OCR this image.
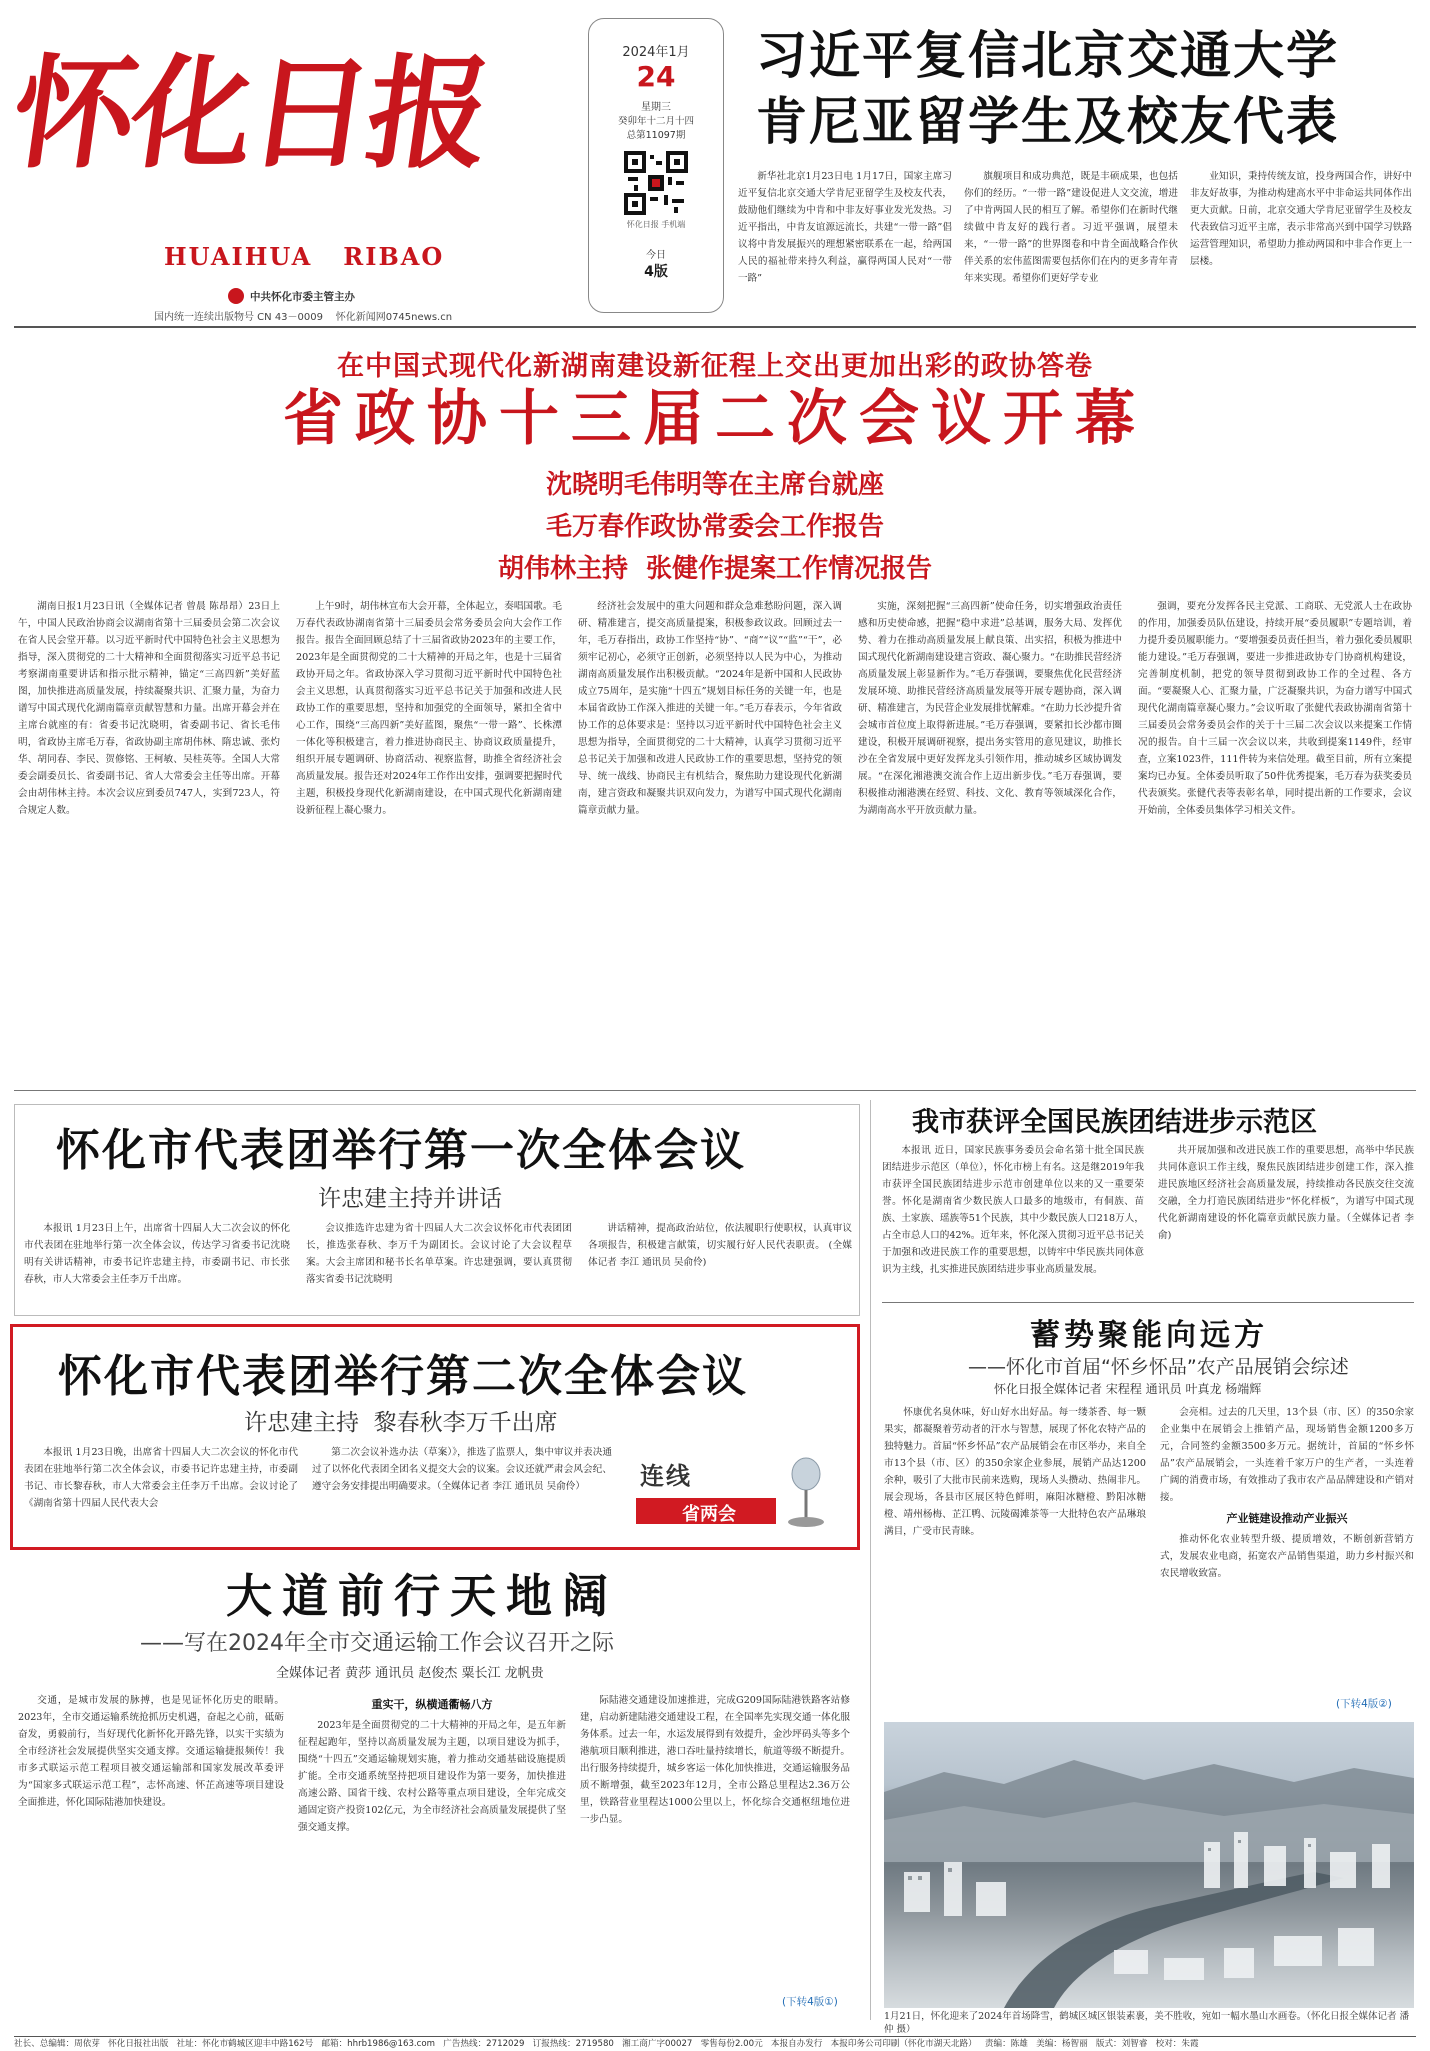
怀化日报
HUAIHUA   RIBAO
中共怀化市委主管主办
国内统一连续出版物号 CN 43－0009    怀化新闻网0745news.cn
2024年1月
24
星期三
癸卯年十二月十四
总第11097期
怀化日报 手机端
今日
4版
习近平复信北京交通大学
肯尼亚留学生及校友代表

新华社北京1月23日电 1月17日，国家主席习近平复信北京交通大学肯尼亚留学生及校友代表，鼓励他们继续为中肯和中非友好事业发光发热。习近平指出，中肯友谊源远流长，共建“一带一路”倡议将中肯发展振兴的理想紧密联系在一起，给两国人民的福祉带来持久利益，赢得两国人民对“一带一路”

旗舰项目和成功典范，既是丰硕成果，也包括你们的经历。“一带一路”建设促进人文交流，增进了中肯两国人民的相互了解。希望你们在新时代继续做中肯友好的践行者。习近平强调，展望未来，“一带一路”的世界图卷和中肯全面战略合作伙伴关系的宏伟蓝图需要包括你们在内的更多青年青年来实现。希望你们更好学专业

业知识，秉持传统友谊，投身两国合作，讲好中非友好故事，为推动构建高水平中非命运共同体作出更大贡献。日前，北京交通大学肯尼亚留学生及校友代表致信习近平主席，表示非常高兴到中国学习铁路运营管理知识，希望助力推动两国和中非合作更上一层楼。

在中国式现代化新湖南建设新征程上交出更加出彩的政协答卷
省政协十三届二次会议开幕
沈晓明毛伟明等在主席台就座
毛万春作政协常委会工作报告
胡伟林主持  张健作提案工作情况报告

湖南日报1月23日讯（全媒体记者 曾晨 陈昂昂）23日上午，中国人民政治协商会议湖南省第十三届委员会第二次会议在省人民会堂开幕。以习近平新时代中国特色社会主义思想为指导，深入贯彻党的二十大精神和全面贯彻落实习近平总书记考察湖南重要讲话和指示批示精神，锚定“三高四新”美好蓝图，加快推进高质量发展，持续凝聚共识、汇聚力量，为奋力谱写中国式现代化湖南篇章贡献智慧和力量。出席开幕会并在主席台就座的有：省委书记沈晓明，省委副书记、省长毛伟明，省政协主席毛万春，省政协副主席胡伟林、隋忠诚、张灼华、胡同春、李民、贺修铭、王柯敏、吴桂英等。全国人大常委会副委员长、省委副书记、省人大常委会主任等出席。开幕会由胡伟林主持。本次会议应到委员747人，实到723人，符合规定人数。

上午9时，胡伟林宣布大会开幕，全体起立，奏唱国歌。毛万春代表政协湖南省第十三届委员会常务委员会向大会作工作报告。报告全面回顾总结了十三届省政协2023年的主要工作，2023年是全面贯彻党的二十大精神的开局之年，也是十三届省政协开局之年。省政协深入学习贯彻习近平新时代中国特色社会主义思想，认真贯彻落实习近平总书记关于加强和改进人民政协工作的重要思想，坚持和加强党的全面领导，紧扣全省中心工作，围绕“三高四新”美好蓝图，聚焦“一带一路”、长株潭一体化等积极建言，着力推进协商民主、协商议政质量提升，组织开展专题调研、协商活动、视察监督，助推全省经济社会高质量发展。报告还对2024年工作作出安排，强调要把握时代主题，积极投身现代化新湖南建设，在中国式现代化新湖南建设新征程上凝心聚力。

经济社会发展中的重大问题和群众急难愁盼问题，深入调研、精准建言，提交高质量提案，积极参政议政。回顾过去一年，毛万春指出，政协工作坚持“协”、“商”“议”“监”“干”，必须牢记初心，必须守正创新，必须坚持以人民为中心，为推动湖南高质量发展作出积极贡献。“2024年是新中国和人民政协成立75周年，是实施“十四五”规划目标任务的关键一年，也是本届省政协工作深入推进的关键一年。”毛万春表示，今年省政协工作的总体要求是：坚持以习近平新时代中国特色社会主义思想为指导，全面贯彻党的二十大精神，认真学习贯彻习近平总书记关于加强和改进人民政协工作的重要思想，坚持党的领导、统一战线、协商民主有机结合，聚焦助力建设现代化新湖南，建言资政和凝聚共识双向发力，为谱写中国式现代化湖南篇章贡献力量。

实施，深刻把握“三高四新”使命任务，切实增强政治责任感和历史使命感，把握“稳中求进”总基调，服务大局、发挥优势、着力在推动高质量发展上献良策、出实招，积极为推进中国式现代化新湖南建设建言资政、凝心聚力。“在助推民营经济高质量发展上彰显新作为。”毛万春强调，要聚焦优化民营经济发展环境、助推民营经济高质量发展等开展专题协商，深入调研、精准建言，为民营企业发展排忧解难。“在助力长沙提升省会城市首位度上取得新进展。”毛万春强调，要紧扣长沙都市圈建设，积极开展调研视察，提出务实管用的意见建议，助推长沙在全省发展中更好发挥龙头引领作用，推动城乡区域协调发展。“在深化湘港澳交流合作上迈出新步伐。”毛万春强调，要积极推动湘港澳在经贸、科技、文化、教育等领域深化合作，为湖南高水平开放贡献力量。

强调，要充分发挥各民主党派、工商联、无党派人士在政协的作用，加强委员队伍建设，持续开展“委员履职”专题培训，着力提升委员履职能力。“要增强委员责任担当，着力强化委员履职能力建设。”毛万春强调，要进一步推进政协专门协商机构建设，完善制度机制，把党的领导贯彻到政协工作的全过程、各方面。“要凝聚人心、汇聚力量，广泛凝聚共识，为奋力谱写中国式现代化湖南篇章凝心聚力。”会议听取了张健代表政协湖南省第十三届委员会常务委员会作的关于十三届二次会议以来提案工作情况的报告。自十三届一次会议以来，共收到提案1149件，经审查，立案1023件，111件转为来信处理。截至目前，所有立案提案均已办复。全体委员听取了50件优秀提案，毛万春为获奖委员代表颁奖。张健代表等表彰名单，同时提出新的工作要求，会议开始前，全体委员集体学习相关文件。

怀化市代表团举行第一次全体会议
许忠建主持并讲话

本报讯 1月23日上午，出席省十四届人大二次会议的怀化市代表团在驻地举行第一次全体会议，传达学习省委书记沈晓明有关讲话精神，市委书记许忠建主持，市委副书记、市长张春秋，市人大常委会主任李万千出席。

会议推选许忠建为省十四届人大二次会议怀化市代表团团长，推选张春秋、李万千为副团长。会议讨论了大会议程草案。大会主席团和秘书长名单草案。许忠建强调，要认真贯彻落实省委书记沈晓明

讲话精神，提高政治站位，依法履职行使职权，认真审议各项报告，积极建言献策，切实履行好人民代表职责。 (全媒体记者 李江 通讯员 吴俞伶)

怀化市代表团举行第二次全体会议
许忠建主持  黎春秋李万千出席

本报讯 1月23日晚，出席省十四届人大二次会议的怀化市代表团在驻地举行第二次全体会议，市委书记许忠建主持，市委副书记、市长黎春秋，市人大常委会主任李万千出席。会议讨论了《湖南省第十四届人民代表大会

第二次会议补选办法（草案）》，推选了监票人，集中审议并表决通过了以怀化代表团全团名义提交大会的议案。会议还就严肃会风会纪、遵守会务安排提出明确要求。（全媒体记者 李江 通讯员 吴俞伶）	连线
省两会
大道前行天地阔
——写在2024年全市交通运输工作会议召开之际
全媒体记者 黄莎 通讯员 赵俊杰 粟长江 龙帆贵

交通，是城市发展的脉搏，也是见证怀化历史的眼睛。2023年，全市交通运输系统抢抓历史机遇，奋起之心前，砥砺奋发，勇毅前行，当好现代化新怀化开路先锋，以实干实绩为全市经济社会发展提供坚实交通支撑。交通运输捷报频传！我市多式联运示范工程项目被交通运输部和国家发展改革委评为“国家多式联运示范工程”，志怀高速、怀芷高速等项目建设全面推进，怀化国际陆港加快建设。

重实干，纵横通衢畅八方

2023年是全面贯彻党的二十大精神的开局之年，是五年新征程起跑年，坚持以高质量发展为主题，以项目建设为抓手，围绕“十四五”交通运输规划实施，着力推动交通基础设施提质扩能。全市交通系统坚持把项目建设作为第一要务，加快推进高速公路、国省干线、农村公路等重点项目建设，全年完成交通固定资产投资102亿元，为全市经济社会高质量发展提供了坚强交通支撑。

际陆港交通建设加速推进，完成G209国际陆港铁路客站修建，启动新建陆港交通建设工程，在全国率先实现交通一体化服务体系。过去一年，水运发展得到有效提升，金沙坪码头等多个港航项目顺利推进，港口吞吐量持续增长，航道等级不断提升。出行服务持续提升，城乡客运一体化加快推进，交通运输服务品质不断增强，截至2023年12月，全市公路总里程达2.36万公里，铁路营业里程达1000公里以上，怀化综合交通枢纽地位进一步凸显。

(下转4版①)
我市获评全国民族团结进步示范区

本报讯 近日，国家民族事务委员会命名第十批全国民族团结进步示范区（单位），怀化市榜上有名。这是继2019年我市获评全国民族团结进步示范市创建单位以来的又一重要荣誉。怀化是湖南省少数民族人口最多的地级市，有侗族、苗族、土家族、瑶族等51个民族，其中少数民族人口218万人，占全市总人口的42%。近年来，怀化深入贯彻习近平总书记关于加强和改进民族工作的重要思想，以铸牢中华民族共同体意识为主线，扎实推进民族团结进步事业高质量发展。

共开展加强和改进民族工作的重要思想，高举中华民族共同体意识工作主线，聚焦民族团结进步创建工作，深入推进民族地区经济社会高质量发展，持续推动各民族交往交流交融，全力打造民族团结进步“怀化样板”，为谱写中国式现代化新湖南建设的怀化篇章贡献民族力量。（全媒体记者 李俞)

蓄势聚能向远方
——怀化市首届“怀乡怀品”农产品展销会综述
怀化日报全媒体记者 宋程程 通讯员 叶真龙 杨端辉

怀康优名臭休味，好山好水出好品。每一缕茶香、每一颗果实，都凝聚着劳动者的汗水与智慧，展现了怀化农特产品的独特魅力。首届“怀乡怀品”农产品展销会在市区举办，来自全市13个县（市、区）的350余家企业参展，展销产品达1200余种，吸引了大批市民前来选购，现场人头攒动、热闹非凡。展会现场，各县市区展区特色鲜明，麻阳冰糖橙、黔阳冰糖橙、靖州杨梅、芷江鸭、沅陵碣滩茶等一大批特色农产品琳琅满目，广受市民青睐。

会亮相。过去的几天里，13个县（市、区）的350余家企业集中在展销会上推销产品，现场销售金额1200多万元，合同签约金额3500多万元。据统计，首届的“怀乡怀品”农产品展销会，一头连着千家万户的生产者，一头连着广阔的消费市场，有效推动了我市农产品品牌建设和产销对接。

产业链建设推动产业振兴

推动怀化农业转型升级、提质增效，不断创新营销方式，发展农业电商，拓宽农产品销售渠道，助力乡村振兴和农民增收致富。

(下转4版②)
1月21日，怀化迎来了2024年首场降雪，鹤城区城区银装素裹，美不胜收，宛如一幅水墨山水画卷。（怀化日报全媒体记者 潘仲 摄）
社长、总编辑：周依芽   怀化日报社出版   社址：怀化市鹤城区迎丰中路162号   邮箱：hhrb1986@163.com   广告热线：2712029   订报热线：2719580   湘工商广字00027   零售每份2.00元   本报自办发行   本报印务公司印刷（怀化市湖天北路）   责编：陈雄   美编：杨智丽   版式：刘智睿   校对：朱霞
